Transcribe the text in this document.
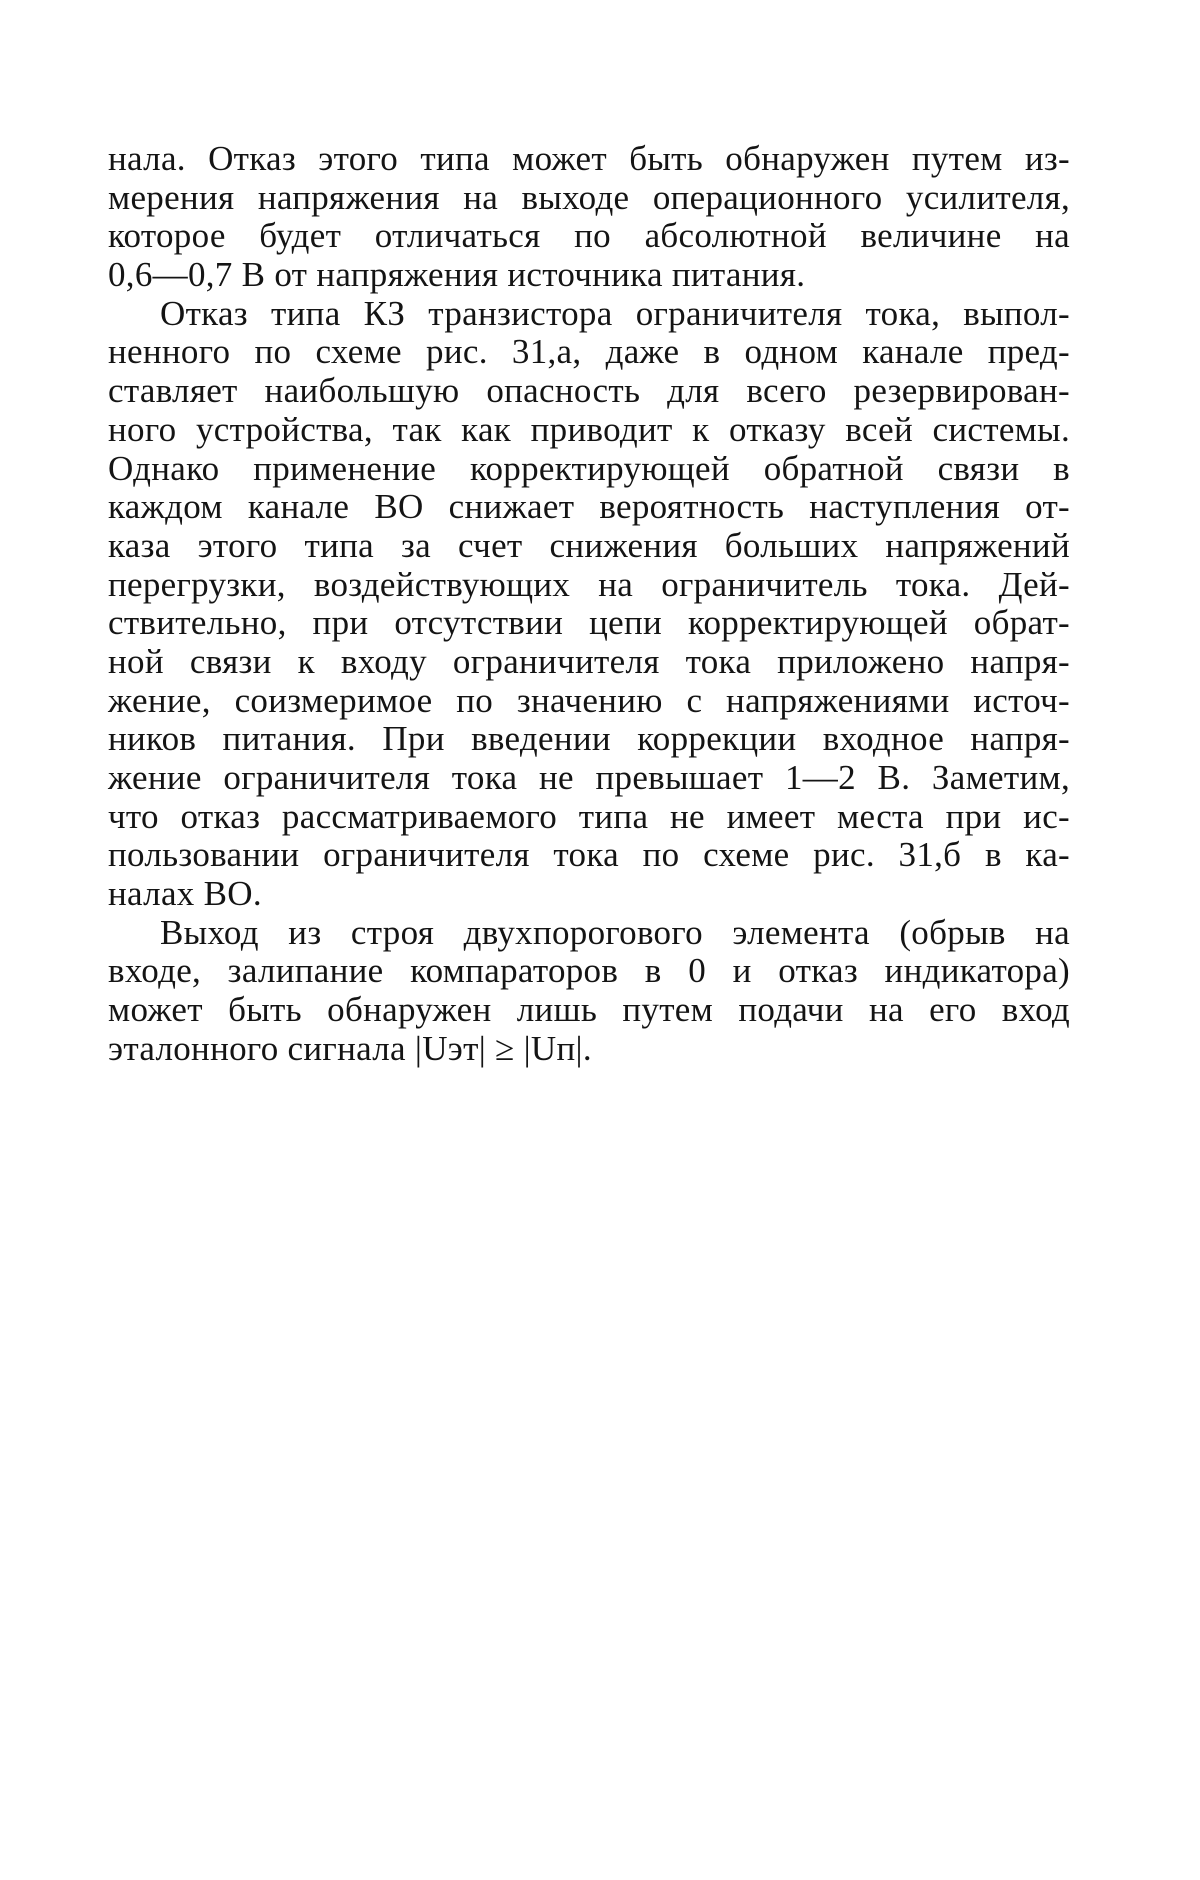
нала. Отказ этого типа может быть обнаружен путем из-
мерения напряжения на выходе операционного усилителя,
которое будет отличаться по абсолютной величине на
0,6—0,7 В от напряжения источника питания.
Отказ типа КЗ транзистора ограничителя тока, выпол-
ненного по схеме рис. 31,а, даже в одном канале пред-
ставляет наибольшую опасность для всего резервирован-
ного устройства, так как приводит к отказу всей системы.
Однако применение корректирующей обратной связи в
каждом канале ВО снижает вероятность наступления от-
каза этого типа за счет снижения больших напряжений
перегрузки, воздействующих на ограничитель тока. Дей-
ствительно, при отсутствии цепи корректирующей обрат-
ной связи к входу ограничителя тока приложено напря-
жение, соизмеримое по значению с напряжениями источ-
ников питания. При введении коррекции входное напря-
жение ограничителя тока не превышает 1—2 В. Заметим,
что отказ рассматриваемого типа не имеет места при ис-
пользовании ограничителя тока по схеме рис. 31,б в ка-
налах ВО.
Выход из строя двухпорогового элемента (обрыв на
входе, залипание компараторов в 0 и отказ индикатора)
может быть обнаружен лишь путем подачи на его вход
эталонного сигнала |Uэт| ≥ |Uп|.
